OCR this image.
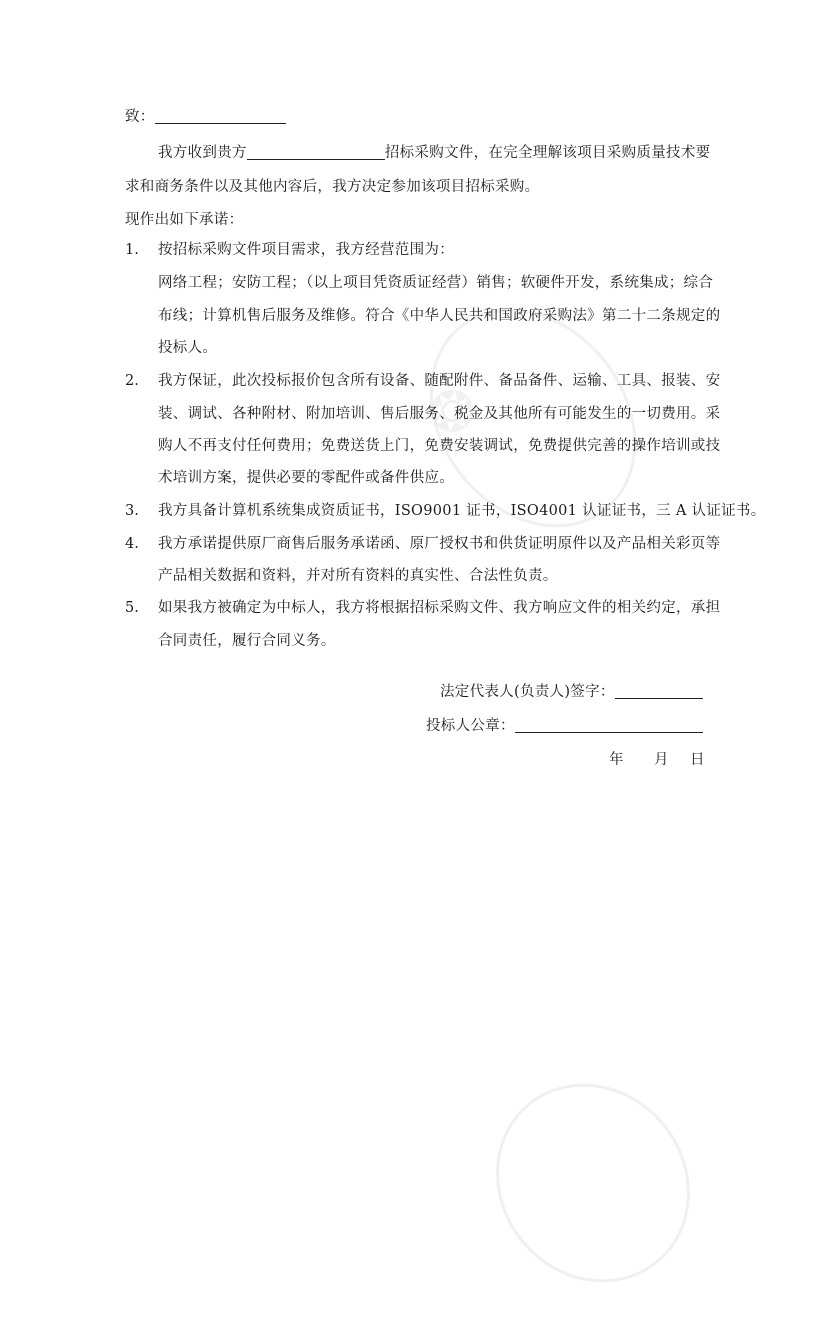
❂
致：
我方收到贵方	招标采购文件，在完全理解该项目采购质量技术要
求和商务条件以及其他内容后，我方决定参加该项目招标采购。
现作出如下承诺：
1. 按招标采购文件项目需求，我方经营范围为：
网络工程；安防工程；（以上项目凭资质证经营）销售；软硬件开发，系统集成；综合
布线；计算机售后服务及维修。符合《中华人民共和国政府采购法》第二十二条规定的
投标人。
2. 我方保证，此次投标报价包含所有设备、随配附件、备品备件、运输、工具、报装、安
装、调试、各种附材、附加培训、售后服务、税金及其他所有可能发生的一切费用。采
购人不再支付任何费用；免费送货上门，免费安装调试，免费提供完善的操作培训或技
术培训方案，提供必要的零配件或备件供应。
3. 我方具备计算机系统集成资质证书，ISO9001 证书，ISO4001 认证证书，三 A 认证证书。
4. 我方承诺提供原厂商售后服务承诺函、原厂授权书和供货证明原件以及产品相关彩页等
产品相关数据和资料，并对所有资料的真实性、合法性负责。
5. 如果我方被确定为中标人，我方将根据招标采购文件、我方响应文件的相关约定，承担
合同责任，履行合同义务。
法定代表人(负责人)签字：
投标人公章：
年 月 日
